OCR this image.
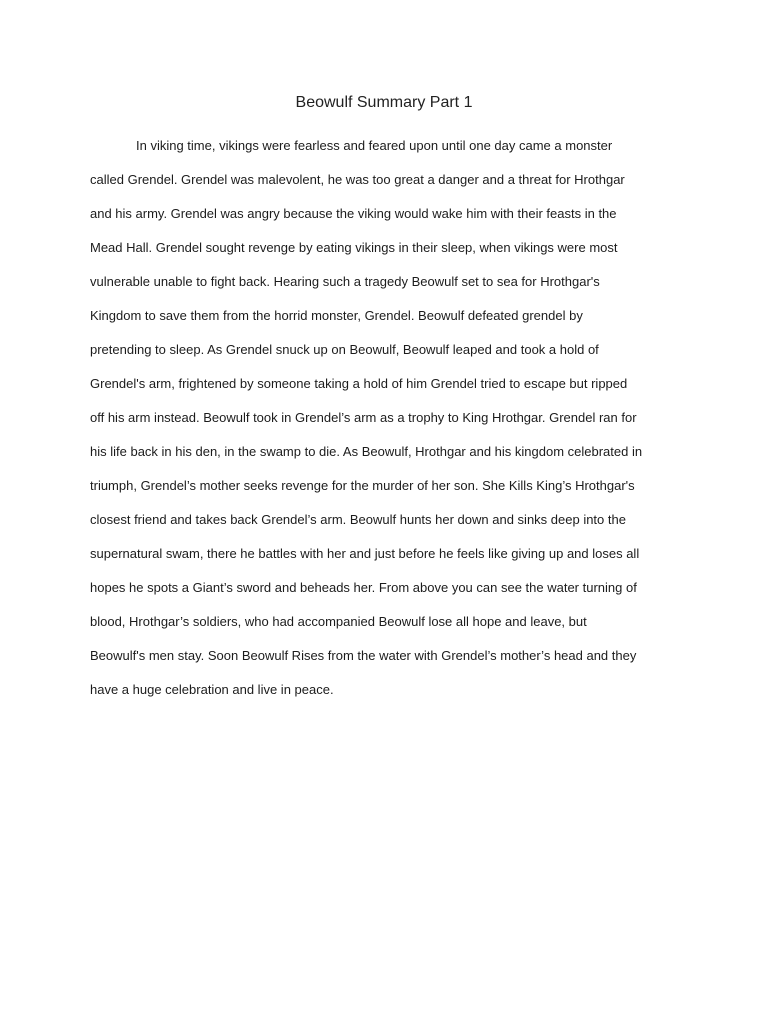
Beowulf Summary Part 1
In viking time, vikings were fearless and feared upon until one day came a monster
called Grendel. Grendel was malevolent, he was too great a danger and a threat for Hrothgar
and his army. Grendel was angry because the viking would wake him with their feasts in the
Mead Hall. Grendel sought revenge by eating vikings in their sleep, when vikings were most
vulnerable unable to fight back. Hearing such a tragedy Beowulf set to sea for Hrothgar's
Kingdom to save them from the horrid monster, Grendel. Beowulf defeated grendel by
pretending to sleep. As Grendel snuck up on Beowulf, Beowulf leaped and took a hold of
Grendel's arm, frightened by someone taking a hold of him Grendel tried to escape but ripped
off his arm instead. Beowulf took in Grendel’s arm as a trophy to King Hrothgar. Grendel ran for
his life back in his den, in the swamp to die. As Beowulf, Hrothgar and his kingdom celebrated in
triumph, Grendel’s mother seeks revenge for the murder of her son. She Kills King’s Hrothgar's
closest friend and takes back Grendel’s arm. Beowulf hunts her down and sinks deep into the
supernatural swam, there he battles with her and just before he feels like giving up and loses all
hopes he spots a Giant’s sword and beheads her. From above you can see the water turning of
blood, Hrothgar’s soldiers, who had accompanied Beowulf lose all hope and leave, but
Beowulf's men stay. Soon Beowulf Rises from the water with Grendel’s mother’s head and they
have a huge celebration and live in peace.
